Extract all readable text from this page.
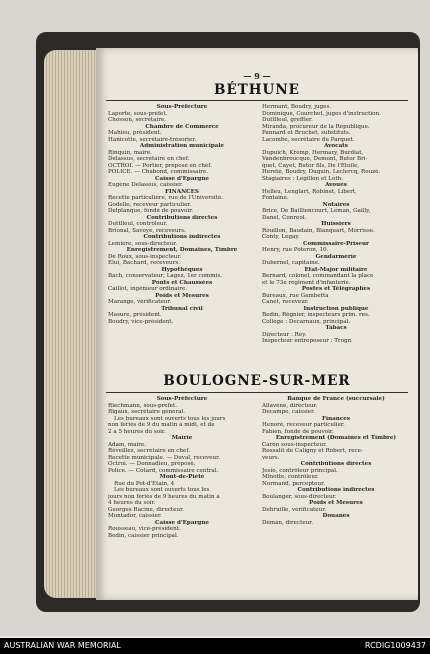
— 9 —
BÉTHUNE
Sous-Préfecture
Laporte, sous-préfet.
Chosson, secrétaire.
Chambre de Commerce
Mahieu, président.
Hanicotte, secrétaire-trésorier.
Administration municipale
Rinquin, maire.
Delassus, secrétaire en chef.
OCTROI. — Portier, préposé en chef.
POLICE. — Chabond, commissaire.
Caisse d'Epargne
Eugène Delassus, caissier.
FINANCES
Recette particulière, rue de l'Université.
Godelle, receveur particulier.
Delplanque, fondé de pouvoir.
Contributions directes
Duttlleul, contrôleur.
Brional, Savoye, receveurs.
Contributions indirectes
Lemière, sous-directeur.
Enregistrement, Domaines, Timbre
De Roux, sous-inspecteur.
Elui, Bachard, receveurs.
Hypothèques
Bach, conservateur; Lagez, 1er commis.
Ponts et Chaussées
Caillot, ingénieur ordinaire.
Poids et Mesures
Marange, vérificateur.
Tribunal civil
Masure, président.
Boudry, vice-président.
Hermant, Boudry, juges.
Dominique, Courchet, juges d'instruction.
Duttlleul, greffier.
Miranda, procureur de la République.
Pannard et Bruchet, substituts.
Lacombe, secrétaire du Parquet.
Avocats
Dupuich, Kremp, Hermary, Burdiat,
Vandenbroucque, Demont, Butor Bri-
quet, Cayet, Butor fils, De l'Etoile,
Hereté, Boudry, Duquin, Leclercq, Rouzé.
Stagiaires : Legillon et Loth.
Avoués
Helleu, Lenglart, Robinet, Libert,
Fontaine.
Notaires
Brice, De Bailliencourt, Leman, Gailly,
Danel, Conreol.
Huissiers
Rouillon, Baudain, Blanquart, Morrisse.
Conty, Legay.
Commissaire-Priseur
Henry, rue Poteron, 10.
Gendarmerie
Dubernel, capitaine.
Etat-Major militaire
Bernard, colonel, commandant la place
et le 73e régiment d'infanterie.
Postes et Télégraphes
Bureaux, rue Gambetta
Canet, receveur.
Instruction publique
Bedin, Régnier, inspecteurs prim. res.
Collège : Decarnaux, principal.
Tabacs
Directeur : Rey.
Inspecteur entreposeur : Trogn
BOULOGNE-SUR-MER
Sous-Préfecture
Riechmann, sous-préfet.
Rigaux, secrétaire général.
Les bureaux sont ouverts tous les jours
non fériés de 9 du matin à midi, et de
2 à 5 heures du soir.
Mairie
Adam, maire.
Réveillez, secrétaire en chef.
Recette municipale. — Duval, receveur.
Octroi. — Donnadieu, préposé.
Police. — Cotard, commissaire central.
Mont-de-Piété
Rue du Pot-d'Etain, 4
Les bureaux sont ouverts tous les
jours non fériés de 9 heures du matin à
4 heures du soir.
Georges Racine, directeur.
Montador, caissier.
Caisse d'Epargne
Rousseau, vice-président.
Bedin, caissier principal.
Banque de France (succursale)
Allavène, directeur.
Decampe, caissier.
Finances
Henoré, receveur particulier.
Fabien, fondé de pouvoir.
Enregistrement (Domaines et Timbre)
Caron sous-inspecteur.
Rossalit de Caligny et Robert, rece-
veurs.
Contributions directes
Josio, contrôleur principal.
Minotte, contrôleur.
Normand, percepteur.
Contributions indirectes
Boulanger, sous-directeur.
Poids et Mesures
Dehruille, vérificateur.
Douanes
Deman, directeur.
AUSTRALIAN WAR MEMORIAL	RCDIG1009437
